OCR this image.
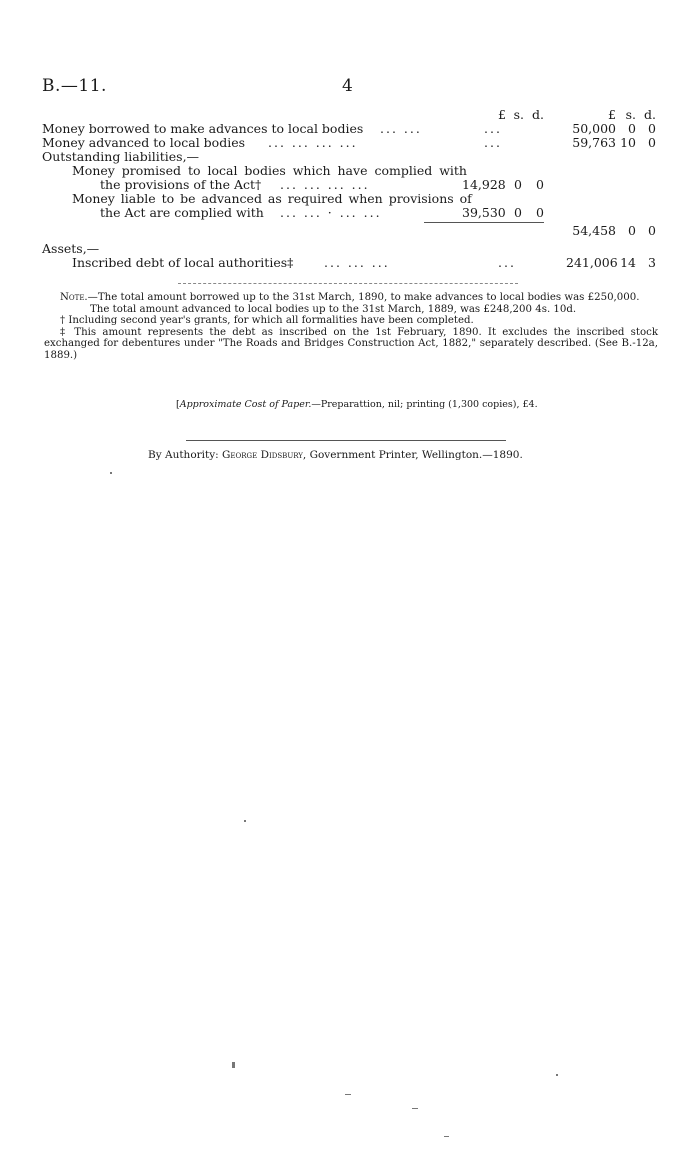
B.—11.	4
£ s. d.	£ s. d.
Money borrowed to make advances to local bodies ... ...	...	50,000 0 0
Money advanced to local bodies ... ... ... ...	...	59,763 10 0
Outstanding liabilities,—
Money promised to local bodies which have complied with
the provisions of the Act† ... ... ... ...	14,928 0	0
Money liable to be advanced as required when provisions of
the Act are complied with ... ... · ... ...	39,530 0	0
54,458 0 0
Assets,—
Inscribed debt of local authorities‡ ... ... ...	...	241,006 14 3

Note.—The total amount borrowed up to the 31st March, 1890, to make advances to local bodies was £250,000.

The total amount advanced to local bodies up to the 31st March, 1889, was £248,200 4s. 10d.

† Including second year's grants, for which all formalities have been completed.

‡ This amount represents the debt as inscribed on the 1st February, 1890. It excludes the inscribed stock exchanged for debentures under "The Roads and Bridges Construction Act, 1882," separately described. (See B.-12a, 1889.)

[Approximate Cost of Paper.—Preparattion, nil; printing (1,300 copies), £4.
By Authority: George Didsbury, Government Printer, Wellington.—1890.
